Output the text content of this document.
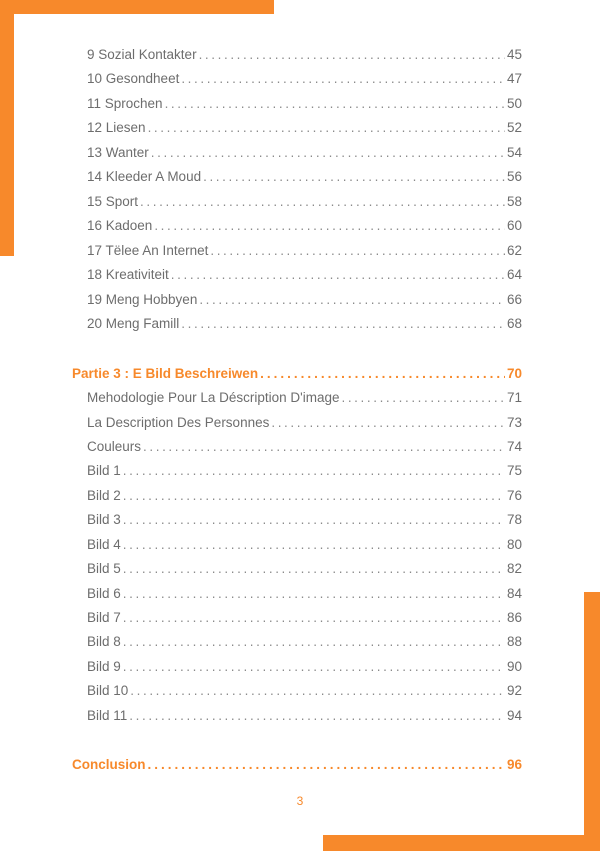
9 Sozial Kontakter .....	45
10 Gesondheet .....	47
11 Sprochen .....	50
12 Liesen .....	52
13 Wanter .....	54
14 Kleeder A Moud .....	56
15 Sport .....	58
16 Kadoen .....	60
17 Tëlee An Internet .....	62
18 Kreativiteit .....	64
19 Meng Hobbyen .....	66
20 Meng Famill .....	68
Partie 3 : E Bild Beschreiwen .....	70
Mehodologie Pour La Déscription D'image .....	71
La Description Des Personnes .....	73
Couleurs .....	74
Bild 1 .....	75
Bild 2 .....	76
Bild 3 .....	78
Bild 4 .....	80
Bild 5 .....	82
Bild 6 .....	84
Bild 7 .....	86
Bild 8 .....	88
Bild 9 .....	90
Bild 10 .....	92
Bild 11 .....	94
Conclusion .....	96
3
